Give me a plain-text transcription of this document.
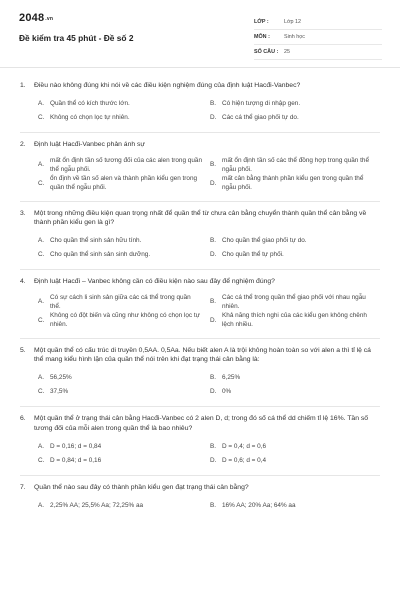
2048.vn
Đề kiểm tra 45 phút - Đề số 2
LỚP :	Lớp 12
MÔN :	Sinh học
SỐ CÂU :	25
1.	Điều nào không đúng khi nói về các điều kiện nghiệm đúng của định luật Hacđi-Vanbec?
A. Quần thể có kích thước lớn.	B. Có hiện tượng di nhập gen.
C. Không có chọn lọc tự nhiên.	D. Các cá thể giao phối tự do.
2.	Định luật Hacđi-Vanbec phản ánh sự
A.
mất ổn định tần số tương đối của các alen trong quần thể ngẫu phối.
B.
mất ổn định tần số các thể đồng hợp trong quần thể ngẫu phối.
C.
ổn định về tần số alen và thành phần kiểu gen trong quần thể ngẫu phối.
D.
mất cân bằng thành phần kiểu gen trong quần thể ngẫu phối.
3.	Một trong những điều kiện quan trọng nhất để quần thể từ chưa cân bằng chuyển thành quần thể cân bằng về thành phần kiểu gen là gì?
A. Cho quần thể sinh sản hữu tính.	B. Cho quần thể giao phối tự do.
C. Cho quần thể sinh sản sinh dưỡng.	D. Cho quần thể tự phối.
4.	Định luật Hacđi – Vanbec không cần có điều kiện nào sau đây để nghiệm đúng?
A.
Có sự cách li sinh sản giữa các cá thể trong quần thể.
B.
Các cá thể trong quần thể giao phối với nhau ngẫu nhiên.
C.
Không có đột biến và cũng như không có chọn lọc tự nhiên.
D.
Khả năng thích nghi của các kiểu gen không chênh lệch nhiều.
5.	Một quần thể có cấu trúc di truyền 0,5AA. 0,5Aa. Nếu biết alen A là trội không hoàn toàn so với alen a thì tỉ lệ cá thể mang kiểu hình lặn của quần thể nói trên khi đạt trạng thái cân bằng là:
A. 56,25%	B. 6,25%
C. 37,5%	D. 0%
6.	Một quần thể ở trạng thái cân bằng Hacđi-Vanbec có 2 alen D, d; trong đó số cá thể dd chiếm tỉ lệ 16%. Tần số tương đối của mỗi alen trong quần thể là bao nhiêu?
A. D = 0,16; d = 0,84	B. D = 0,4; d = 0,6
C. D = 0,84; d = 0,16	D. D = 0,6; d = 0,4
7.	Quần thể nào sau đây có thành phần kiểu gen đạt trạng thái cân bằng?
A. 2,25% AA; 25,5% Aa; 72,25% aa	B. 16% AA; 20% Aa; 64% aa
